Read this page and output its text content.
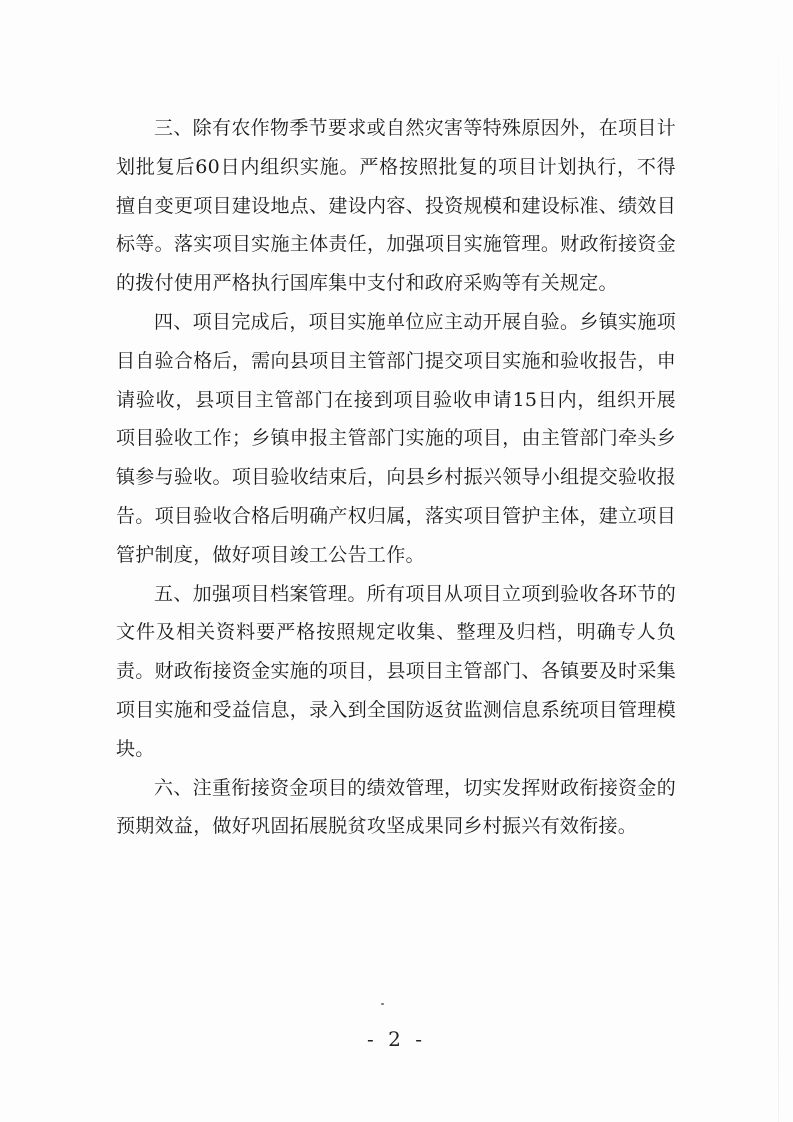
三、除有农作物季节要求或自然灾害等特殊原因外，在项目计划批复后60日内组织实施。严格按照批复的项目计划执行，不得擅自变更项目建设地点、建设内容、投资规模和建设标准、绩效目标等。落实项目实施主体责任，加强项目实施管理。财政衔接资金的拨付使用严格执行国库集中支付和政府采购等有关规定。

四、项目完成后，项目实施单位应主动开展自验。乡镇实施项目自验合格后，需向县项目主管部门提交项目实施和验收报告，申请验收，县项目主管部门在接到项目验收申请15日内，组织开展项目验收工作；乡镇申报主管部门实施的项目，由主管部门牵头乡镇参与验收。项目验收结束后，向县乡村振兴领导小组提交验收报告。项目验收合格后明确产权归属，落实项目管护主体，建立项目管护制度，做好项目竣工公告工作。

五、加强项目档案管理。所有项目从项目立项到验收各环节的文件及相关资料要严格按照规定收集、整理及归档，明确专人负责。财政衔接资金实施的项目，县项目主管部门、各镇要及时采集项目实施和受益信息，录入到全国防返贫监测信息系统项目管理模块。

六、注重衔接资金项目的绩效管理，切实发挥财政衔接资金的预期效益，做好巩固拓展脱贫攻坚成果同乡村振兴有效衔接。

- 2 -
